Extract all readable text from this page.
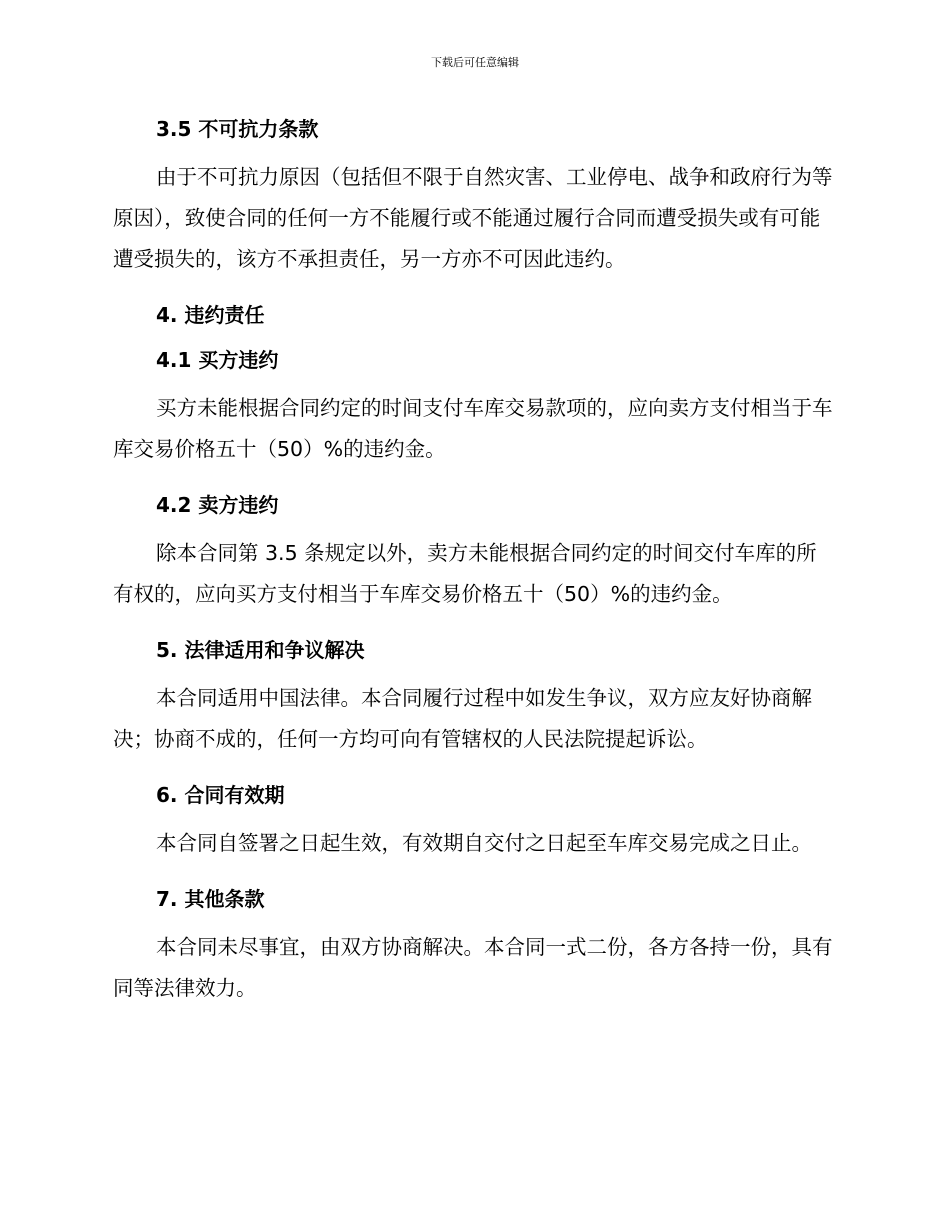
下载后可任意编辑
3.5 不可抗力条款

由于不可抗力原因（包括但不限于自然灾害、工业停电、战争和政府行为等原因），致使合同的任何一方不能履行或不能通过履行合同而遭受损失或有可能遭受损失的，该方不承担责任，另一方亦不可因此违约。

4. 违约责任
4.1 买方违约

买方未能根据合同约定的时间支付车库交易款项的，应向卖方支付相当于车库交易价格五十（50）%的违约金。

4.2 卖方违约

除本合同第 3.5 条规定以外，卖方未能根据合同约定的时间交付车库的所有权的，应向买方支付相当于车库交易价格五十（50）%的违约金。

5. 法律适用和争议解决

本合同适用中国法律。本合同履行过程中如发生争议，双方应友好协商解决；协商不成的，任何一方均可向有管辖权的人民法院提起诉讼。

6. 合同有效期

本合同自签署之日起生效，有效期自交付之日起至车库交易完成之日止。

7. 其他条款

本合同未尽事宜，由双方协商解决。本合同一式二份，各方各持一份，具有同等法律效力。
